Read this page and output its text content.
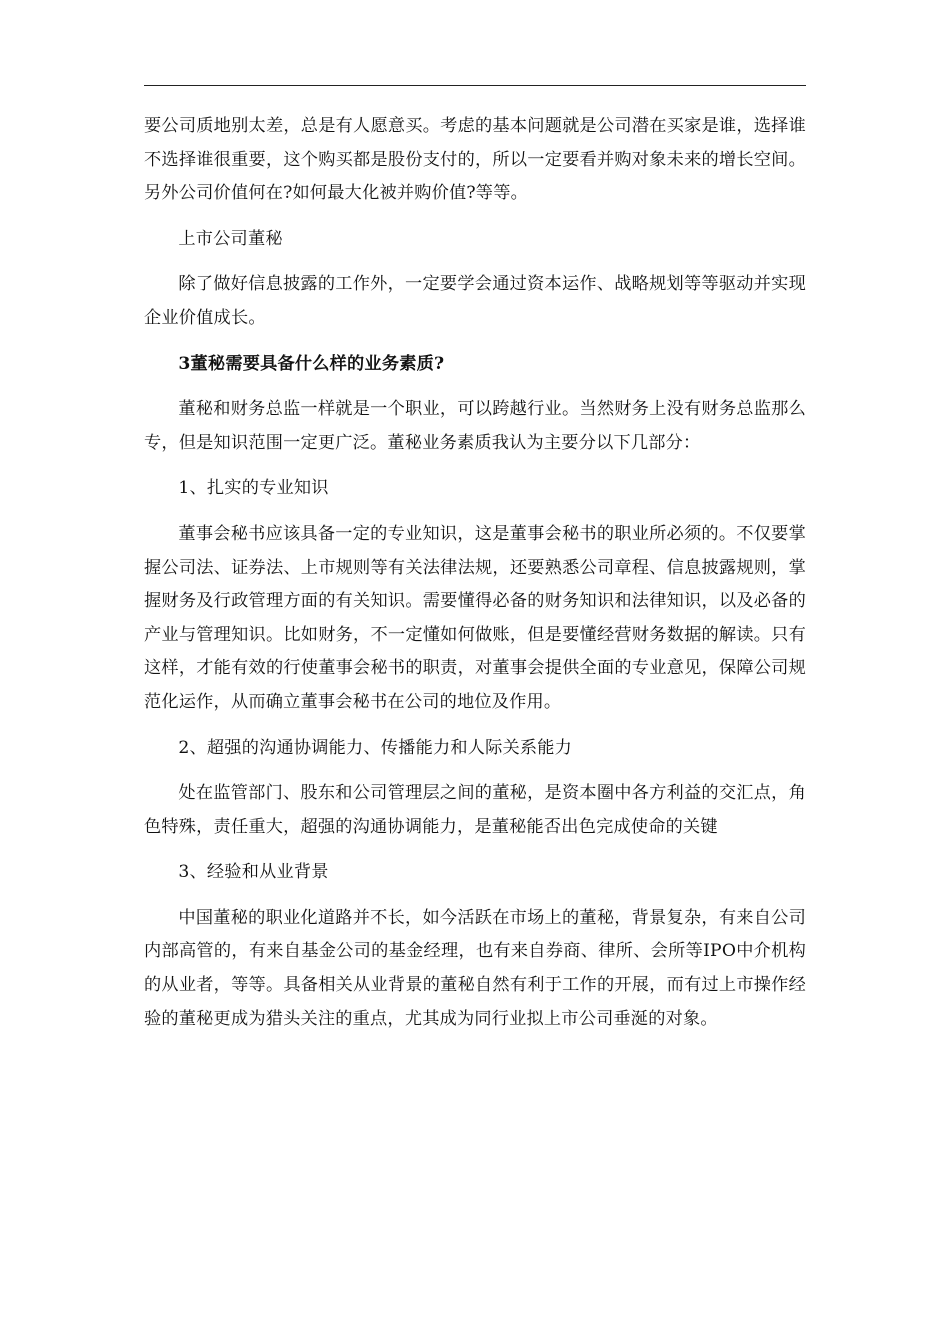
要公司质地别太差，总是有人愿意买。考虑的基本问题就是公司潜在买家是谁，选择谁不选择谁很重要，这个购买都是股份支付的，所以一定要看并购对象未来的增长空间。另外公司价值何在?如何最大化被并购价值?等等。

上市公司董秘

除了做好信息披露的工作外，一定要学会通过资本运作、战略规划等等驱动并实现企业价值成长。

3董秘需要具备什么样的业务素质?

董秘和财务总监一样就是一个职业，可以跨越行业。当然财务上没有财务总监那么专，但是知识范围一定更广泛。董秘业务素质我认为主要分以下几部分：

1、扎实的专业知识

董事会秘书应该具备一定的专业知识，这是董事会秘书的职业所必须的。不仅要掌握公司法、证券法、上市规则等有关法律法规，还要熟悉公司章程、信息披露规则，掌握财务及行政管理方面的有关知识。需要懂得必备的财务知识和法律知识，以及必备的产业与管理知识。比如财务，不一定懂如何做账，但是要懂经营财务数据的解读。只有这样，才能有效的行使董事会秘书的职责，对董事会提供全面的专业意见，保障公司规范化运作，从而确立董事会秘书在公司的地位及作用。

2、超强的沟通协调能力、传播能力和人际关系能力

处在监管部门、股东和公司管理层之间的董秘，是资本圈中各方利益的交汇点，角色特殊，责任重大，超强的沟通协调能力，是董秘能否出色完成使命的关键

3、经验和从业背景

中国董秘的职业化道路并不长，如今活跃在市场上的董秘，背景复杂，有来自公司内部高管的，有来自基金公司的基金经理，也有来自券商、律所、会所等IPO中介机构的从业者，等等。具备相关从业背景的董秘自然有利于工作的开展，而有过上市操作经验的董秘更成为猎头关注的重点，尤其成为同行业拟上市公司垂涎的对象。
